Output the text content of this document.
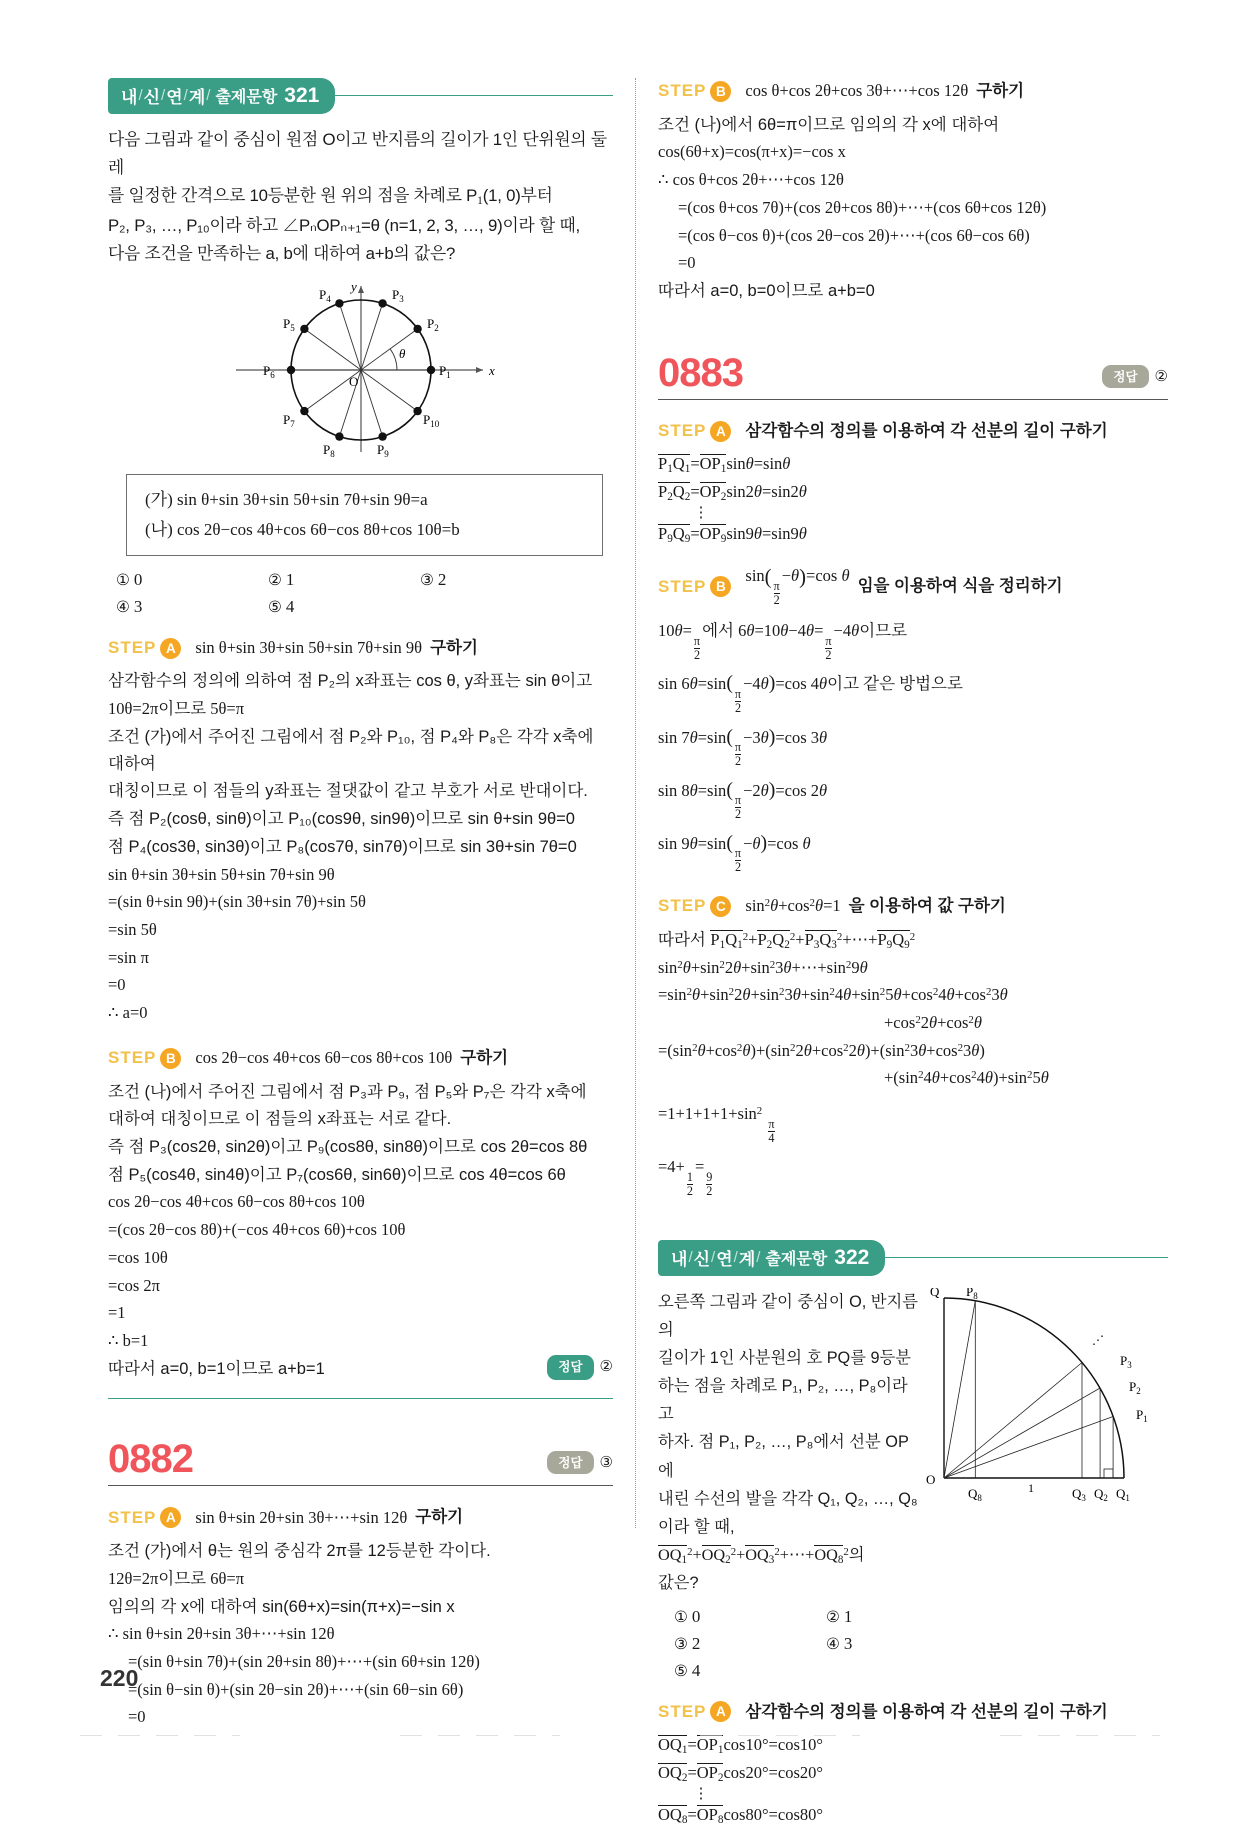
내 / 신 / 연 / 계 / 출제문항 321
다음 그림과 같이 중심이 원점 O이고 반지름의 길이가 1인 단위원의 둘레
를 일정한 간격으로 10등분한 원 위의 점을 차례로 $P_1(1$, 0)부터
P₂, P₃, …, P₁₀이라 하고 ∠PₙOPₙ₊₁=θ (n=1, 2, 3, …, 9)이라 할 때,
다음 조건을 만족하는 a, b에 대하여 a+b의 값은?
x
y
θ
$P_1$
$P_2$
$P_3$
$P_4$
$P_5$
$P_6$
$P_7$
$P_8$	$P_9$
$P_{10}$
O
(가) sin θ+sin 3θ+sin 5θ+sin 7θ+sin 9θ=a
(나) cos 2θ−cos 4θ+cos 6θ−cos 8θ+cos 10θ=b
① 0	② 1	③ 2
④ 3	⑤ 4
STEP A	sin θ+sin 3θ+sin 5θ+sin 7θ+sin 9θ 구하기
삼각함수의 정의에 의하여 점 P₂의 x좌표는 cos θ, y좌표는 sin θ이고
10θ=2π이므로 5θ=π
조건 (가)에서 주어진 그림에서 점 P₂와 P₁₀, 점 P₄와 P₈은 각각 x축에 대하여
대칭이므로 이 점들의 y좌표는 절댓값이 같고 부호가 서로 반대이다.
즉 점 P₂(cosθ, sinθ)이고 P₁₀(cos9θ, sin9θ)이므로 sin θ+sin 9θ=0
점 P₄(cos3θ, sin3θ)이고 P₈(cos7θ, sin7θ)이므로 sin 3θ+sin 7θ=0
sin θ+sin 3θ+sin 5θ+sin 7θ+sin 9θ
=(sin θ+sin 9θ)+(sin 3θ+sin 7θ)+sin 5θ
=sin 5θ
=sin π
=0
∴ a=0
STEP B	cos 2θ−cos 4θ+cos 6θ−cos 8θ+cos 10θ 구하기
조건 (나)에서 주어진 그림에서 점 P₃과 P₉, 점 P₅와 P₇은 각각 x축에
대하여 대칭이므로 이 점들의 x좌표는 서로 같다.
즉 점 P₃(cos2θ, sin2θ)이고 P₉(cos8θ, sin8θ)이므로 cos 2θ=cos 8θ
점 P₅(cos4θ, sin4θ)이고 P₇(cos6θ, sin6θ)이므로 cos 4θ=cos 6θ
cos 2θ−cos 4θ+cos 6θ−cos 8θ+cos 10θ
=(cos 2θ−cos 8θ)+(−cos 4θ+cos 6θ)+cos 10θ
=cos 10θ
=cos 2π
=1
∴ b=1
따라서 a=0, b=1이므로 a+b=1	정답	②
0882	정답	③
STEP A	sin θ+sin 2θ+sin 3θ+⋯+sin 12θ 구하기
조건 (가)에서 θ는 원의 중심각 2π를 12등분한 각이다.
12θ=2π이므로 6θ=π
임의의 각 x에 대하여 sin(6θ+x)=sin(π+x)=−sin x
∴ sin θ+sin 2θ+sin 3θ+⋯+sin 12θ
=(sin θ+sin 7θ)+(sin 2θ+sin 8θ)+⋯+(sin 6θ+sin 12θ)
=(sin θ−sin θ)+(sin 2θ−sin 2θ)+⋯+(sin 6θ−sin 6θ)
=0
STEP B	cos θ+cos 2θ+cos 3θ+⋯+cos 12θ 구하기
조건 (나)에서 6θ=π이므로 임의의 각 x에 대하여
cos(6θ+x)=cos(π+x)=−cos x
∴ cos θ+cos 2θ+⋯+cos 12θ
=(cos θ+cos 7θ)+(cos 2θ+cos 8θ)+⋯+(cos 6θ+cos 12θ)
=(cos θ−cos θ)+(cos 2θ−cos 2θ)+⋯+(cos 6θ−cos 6θ)
=0
따라서 a=0, b=0이므로 a+b=0
0883	정답	②
STEP A	삼각함수의 정의를 이용하여 각 선분의 길이 구하기
$P_1Q_1=OP_1\sin\theta=\sin\theta$
$P_2Q_2=OP_2\sin 2\theta=\sin 2\theta$
⋮
$P_9Q_9=OP_9\sin 9\theta=\sin 9\theta$
STEP B
sin(
$\frac{\pi}{2}$
−θ)=cos θ
임을 이용하여 식을 정리하기
10θ=
$\frac{\pi}{2}$
에서 6θ=10θ−4θ=
$\frac{\pi}{2}$
−4θ이므로
sin 6θ=sin(
$\frac{\pi}{2}$
−4θ)=cos 4θ이고 같은 방법으로
sin 7θ=sin(
$\frac{\pi}{2}$
−3θ)=cos 3θ
sin 8θ=sin(
$\frac{\pi}{2}$
−2θ)=cos 2θ
sin 9θ=sin(
$\frac{\pi}{2}$
−θ)=cos θ
STEP C	$\sin^2\theta+\cos^2\theta=1$ 을 이용하여 값 구하기
따라서 $P_1Q_1^2+P_2Q_2^2+P_3Q_3^2+\cdots+P_9Q_9^2$
$\sin^2\theta+\sin^22\theta+\sin^23\theta+\cdots+\sin^29\theta$
$=\sin^2\theta+\sin^22\theta+\sin^23\theta+\sin^24\theta+\sin^25\theta+\cos^24\theta+\cos^23\theta$
$+\cos^22\theta+\cos^2\theta$
$=(\sin^2\theta+\cos^2\theta)+(\sin^22\theta+\cos^22\theta)+(\sin^23\theta+\cos^23\theta)$
$+(\sin^24\theta+\cos^24\theta)+\sin^25\theta$
$=1+1+1+1+\sin^2$
$\frac{\pi}{4}$
=4+
$\frac{1}{2}$
=
$\frac{9}{2}$
내 / 신 / 연 / 계 / 출제문항 322
오른쪽 그림과 같이 중심이 O, 반지름의
길이가 1인 사분원의 호 PQ를 9등분
하는 점을 차례로 P₁, P₂, …, P₈이라고
하자. 점 P₁, P₂, …, P₈에서 선분 OP에
내린 수선의 발을 각각 Q₁, Q₂, …, Q₈
이라 할 때,
$OQ_1^2+OQ_2^2+OQ_3^2+\cdots+OQ_8^2$의
값은?
1
⋰
Q $P_8$
$P_3$
$P_2$
$P_1$
O
$Q_8$	$Q_3$ $Q_2$ $Q_1$
① 0	② 1
③ 2	④ 3
⑤ 4
STEP A	삼각함수의 정의를 이용하여 각 선분의 길이 구하기
$OQ_1=OP_1\cos 10^\circ=\cos 10^\circ$
$OQ_2=OP_2\cos 20^\circ=\cos 20^\circ$
⋮
$OQ_8=OP_8\cos 80^\circ=\cos 80^\circ$
220
